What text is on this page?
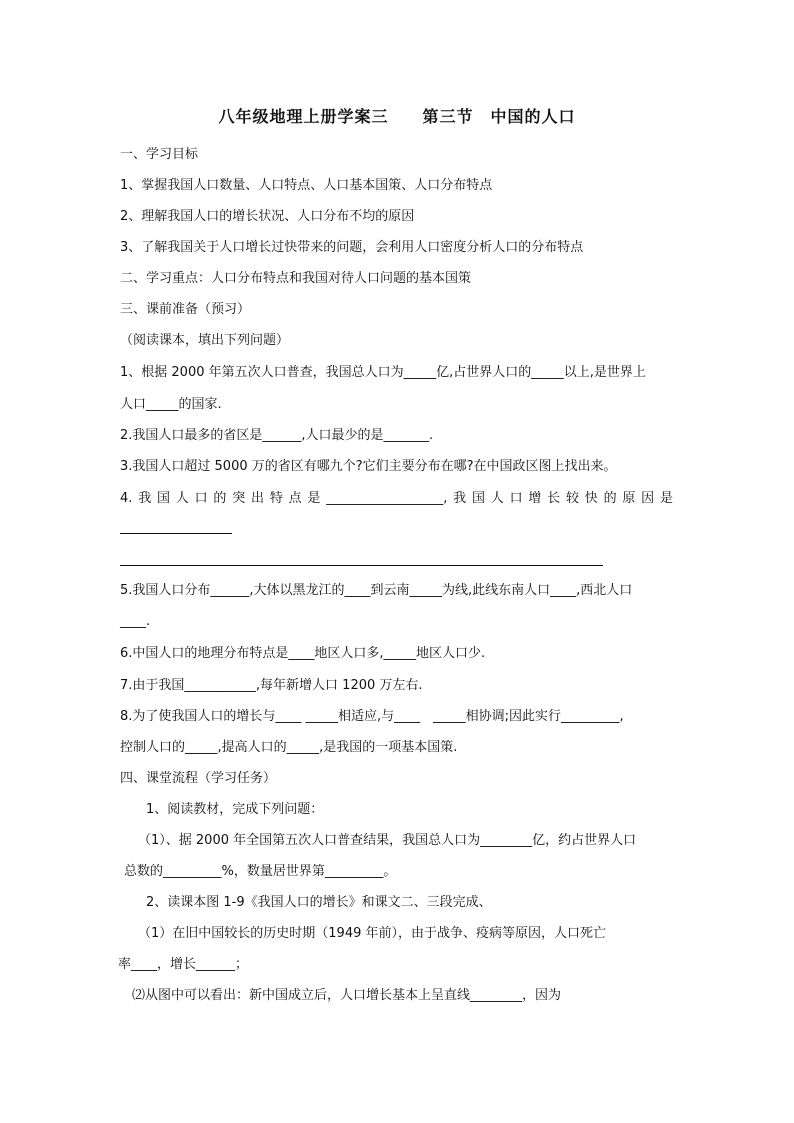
八年级地理上册学案三　　第三节　中国的人口
一、学习目标
1、掌握我国人口数量、人口特点、人口基本国策、人口分布特点
2、理解我国人口的增长状况、人口分布不均的原因
3、了解我国关于人口增长过快带来的问题，会利用人口密度分析人口的分布特点
二、学习重点：人口分布特点和我国对待人口问题的基本国策
三、课前准备（预习）
（阅读课本，填出下列问题）
1、根据 2000 年第五次人口普查，我国总人口为_____亿,占世界人口的_____以上,是世界上
人口_____的国家.
2.我国人口最多的省区是______,人口最少的是_______.
3.我国人口超过 5000 万的省区有哪九个?它们主要分布在哪?在中国政区图上找出来。
4.我国人口的突出特点是__________________,我国人口增长较快的原因是
5.我国人口分布______,大体以黑龙江的____到云南_____为线,此线东南人口____,西北人口
____.
6.中国人口的地理分布特点是____地区人口多,_____地区人口少.
7.由于我国___________,每年新增人口 1200 万左右.
8.为了使我国人口的增长与____ _____相适应,与____　_____相协调;因此实行_________,
控制人口的_____,提高人口的_____,是我国的一项基本国策.
四、课堂流程（学习任务）
1、阅读教材，完成下列问题：
（1）、据 2000 年全国第五次人口普查结果，我国总人口为________亿，约占世界人口
总数的_________%，数量居世界第_________。
2、读课本图 1-9《我国人口的增长》和课文二、三段完成、
（1）在旧中国较长的历史时期（1949 年前），由于战争、疫病等原因，人口死亡
率____，增长______；
⑵从图中可以看出：新中国成立后，人口增长基本上呈直线________，因为
